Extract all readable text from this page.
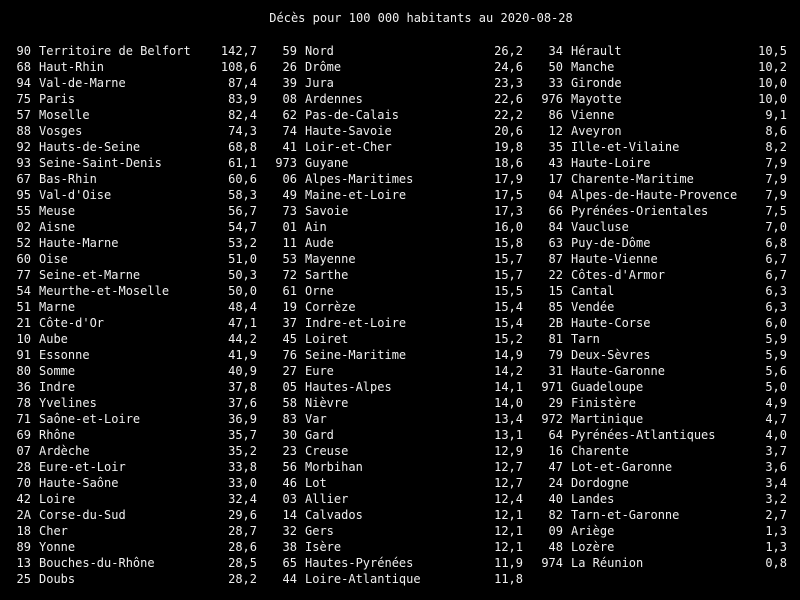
Décès pour 100 000 habitants au 2020-08-28
90 Territoire de Belfort	142,7
68 Haut-Rhin	108,6
94 Val-de-Marne	87,4
75 Paris	83,9
57 Moselle	82,4
88 Vosges	74,3
92 Hauts-de-Seine	68,8
93 Seine-Saint-Denis	61,1
67 Bas-Rhin	60,6
95 Val-d'Oise	58,3
55 Meuse	56,7
02 Aisne	54,7
52 Haute-Marne	53,2
60 Oise	51,0
77 Seine-et-Marne	50,3
54 Meurthe-et-Moselle	50,0
51 Marne	48,4
21 Côte-d'Or	47,1
10 Aube	44,2
91 Essonne	41,9
80 Somme	40,9
36 Indre	37,8
78 Yvelines	37,6
71 Saône-et-Loire	36,9
69 Rhône	35,7
07 Ardèche	35,2
28 Eure-et-Loir	33,8
70 Haute-Saône	33,0
42 Loire	32,4
2A Corse-du-Sud	29,6
18 Cher	28,7
89 Yonne	28,6
13 Bouches-du-Rhône	28,5
25 Doubs	28,2
59 Nord	26,2
26 Drôme	24,6
39 Jura	23,3
08 Ardennes	22,6
62 Pas-de-Calais	22,2
74 Haute-Savoie	20,6
41 Loir-et-Cher	19,8
973 Guyane	18,6
06 Alpes-Maritimes	17,9
49 Maine-et-Loire	17,5
73 Savoie	17,3
01 Ain	16,0
11 Aude	15,8
53 Mayenne	15,7
72 Sarthe	15,7
61 Orne	15,5
19 Corrèze	15,4
37 Indre-et-Loire	15,4
45 Loiret	15,2
76 Seine-Maritime	14,9
27 Eure	14,2
05 Hautes-Alpes	14,1
58 Nièvre	14,0
83 Var	13,4
30 Gard	13,1
23 Creuse	12,9
56 Morbihan	12,7
46 Lot	12,7
03 Allier	12,4
14 Calvados	12,1
32 Gers	12,1
38 Isère	12,1
65 Hautes-Pyrénées	11,9
44 Loire-Atlantique	11,8
34 Hérault	10,5
50 Manche	10,2
33 Gironde	10,0
976 Mayotte	10,0
86 Vienne	9,1
12 Aveyron	8,6
35 Ille-et-Vilaine	8,2
43 Haute-Loire	7,9
17 Charente-Maritime	7,9
04 Alpes-de-Haute-Provence	7,9
66 Pyrénées-Orientales	7,5
84 Vaucluse	7,0
63 Puy-de-Dôme	6,8
87 Haute-Vienne	6,7
22 Côtes-d'Armor	6,7
15 Cantal	6,3
85 Vendée	6,3
2B Haute-Corse	6,0
81 Tarn	5,9
79 Deux-Sèvres	5,9
31 Haute-Garonne	5,6
971 Guadeloupe	5,0
29 Finistère	4,9
972 Martinique	4,7
64 Pyrénées-Atlantiques	4,0
16 Charente	3,7
47 Lot-et-Garonne	3,6
24 Dordogne	3,4
40 Landes	3,2
82 Tarn-et-Garonne	2,7
09 Ariège	1,3
48 Lozère	1,3
974 La Réunion	0,8
